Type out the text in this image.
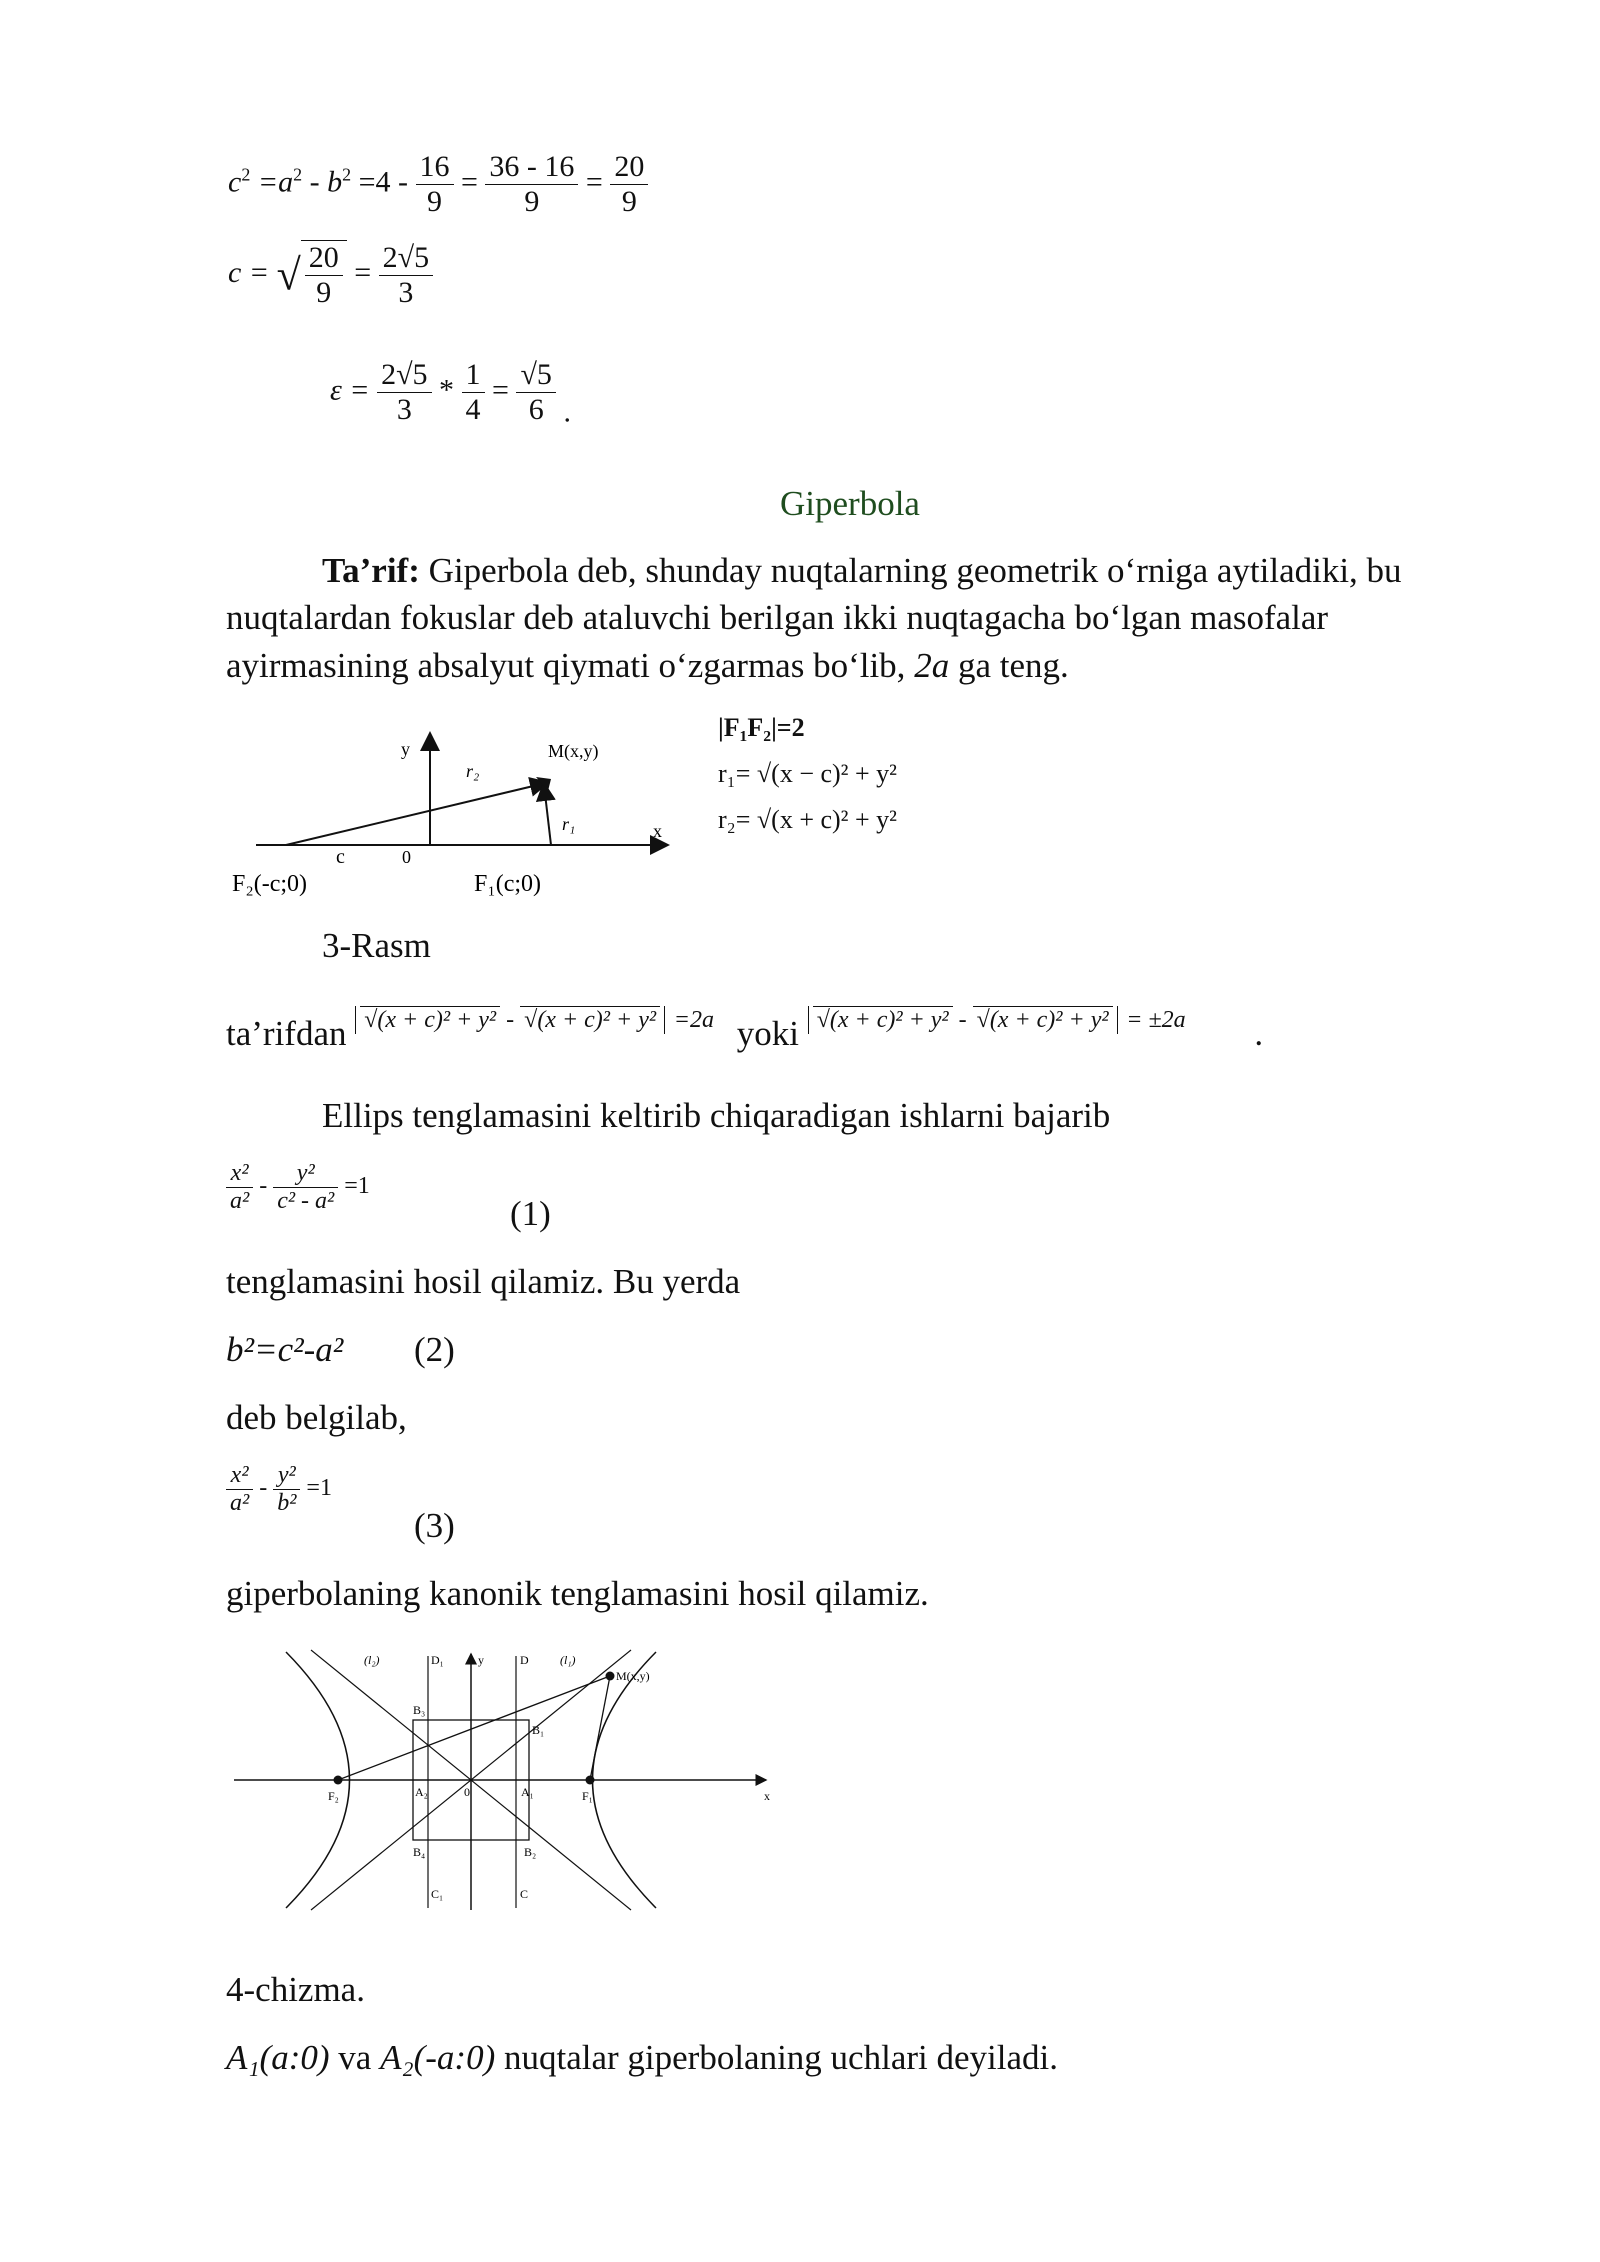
$c^2 =a^2 - b^2 =4 - \frac{16}{9} = \frac{36 - 16}{9} = \frac{20}{9}$
c = √ $\frac{20}{9} = \frac{2√5}{3}$
$\varepsilon = \frac{2√5}{3} * \frac{1}{4} = \frac{√5}{6}$ .
Giperbola
Ta’rif: Giperbola deb, shunday nuqtalarning geometrik o‘rniga aytiladiki, bu
nuqtalardan fokuslar deb ataluvchi berilgan ikki nuqtagacha bo‘lgan masofalar
ayirmasining absalyut qiymati o‘zgarmas bo‘lib, 2a ga teng.
y
x
M(x,y)
r₂
r₁
c	0
F₂(-c;0)	F₁(c;0)
|F₁F₂|=2
r₁= √(x − c)² + y²
r₂= √(x + c)² + y²
3-Rasm
ta’rifdan √(x + c)² + y² - √(x + c)² + y² =2a yoki √(x + c)² + y² - √(x + c)² + y² = ±2a .
Ellips tenglamasini keltirib chiqaradigan ishlarni bajarib
$\frac{\text{x²}}{\text{a²}} - \frac{\text{y²}}{\text{c² - a²}} =1$
(1)
tenglamasini hosil qilamiz. Bu yerda
b²=c²-a² (2)
deb belgilab,
$\frac{\text{x²}}{\text{a²}} - \frac{\text{y²}}{\text{b²}} =1$
(3)
giperbolaning kanonik tenglamasini hosil qilamiz.
(l₂)	D₁	y	D	(l₁)
M(x,y)
B₃
B₁
F₂	A₂	0	A₁	F₁	x
B₄	B₂
C₁	C
4-chizma.
A₁(a:0) va A₂(-a:0) nuqtalar giperbolaning uchlari deyiladi.
